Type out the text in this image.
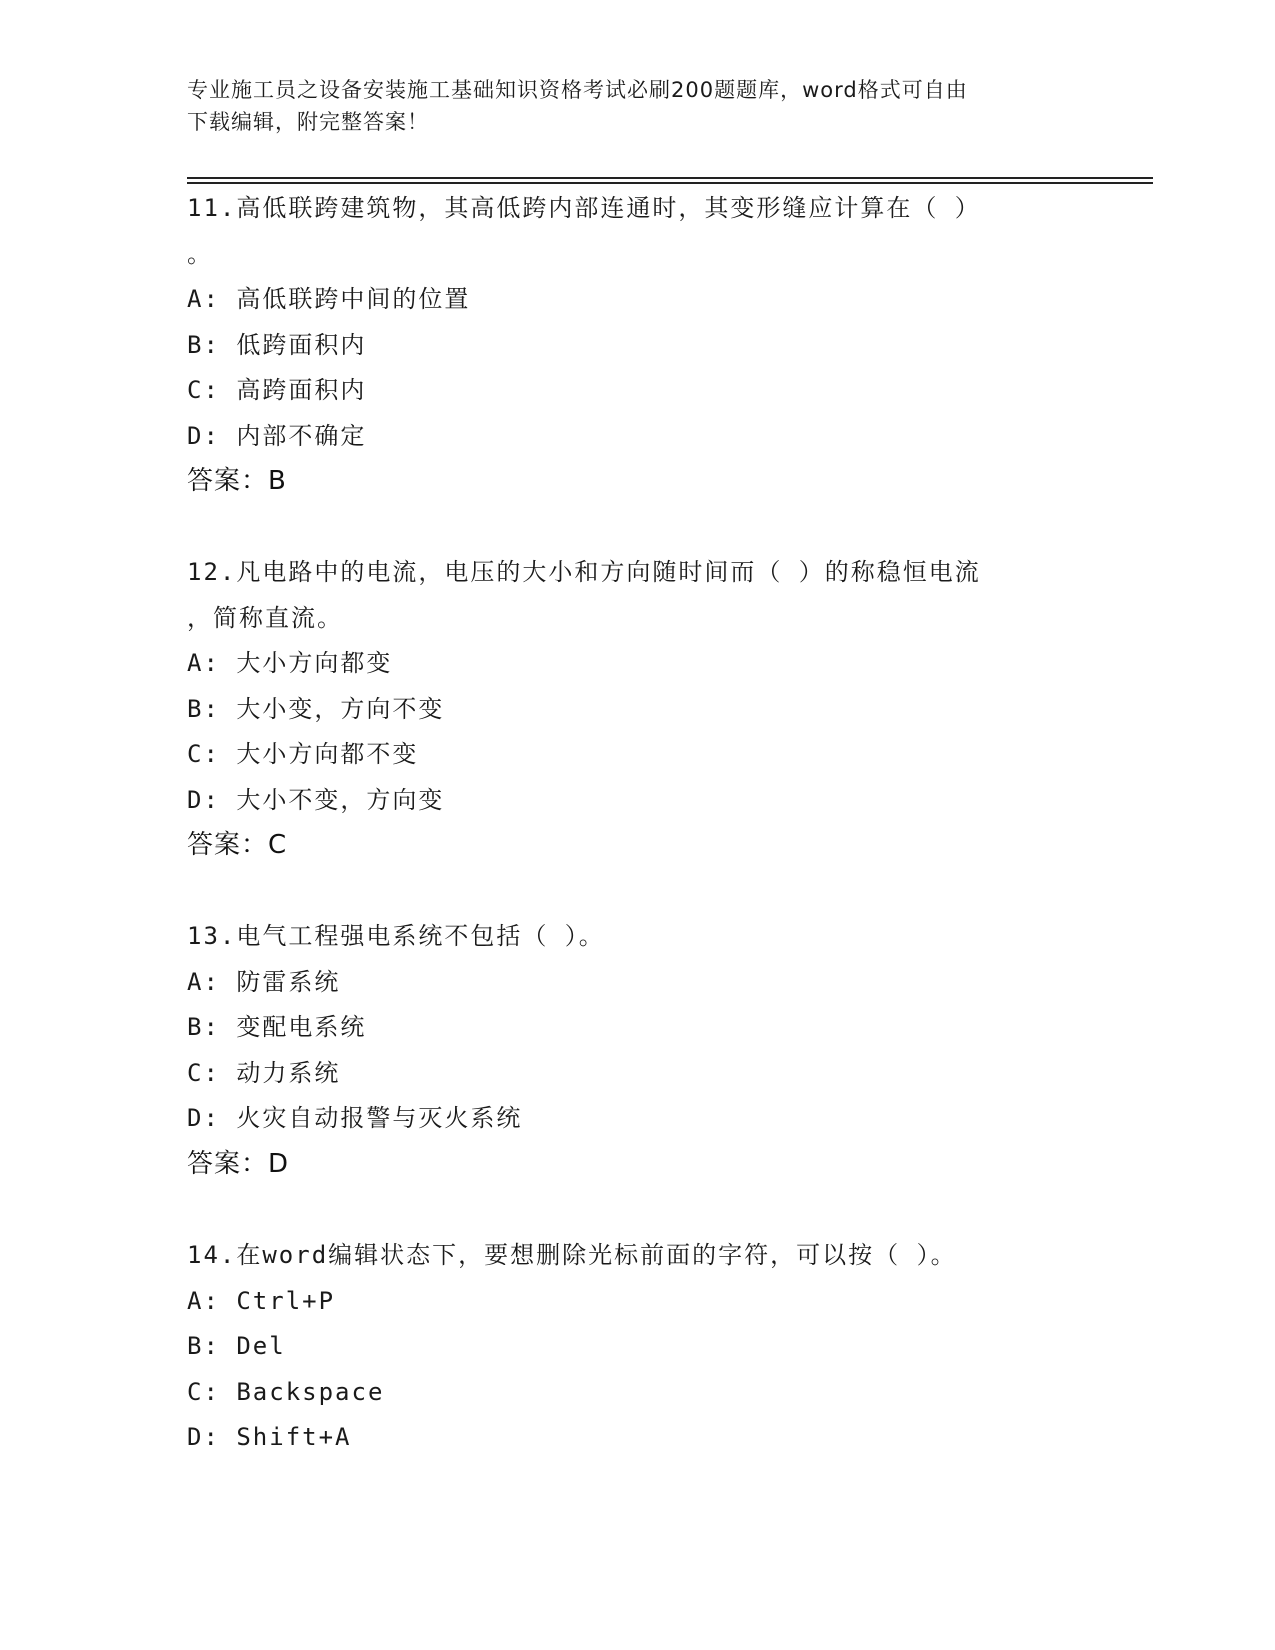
专业施工员之设备安装施工基础知识资格考试必刷200题题库，word格式可自由
下载编辑，附完整答案！
11.高低联跨建筑物，其高低跨内部连通时，其变形缝应计算在（ ）
。
A: 高低联跨中间的位置
B: 低跨面积内
C: 高跨面积内
D: 内部不确定
答案：B
12.凡电路中的电流，电压的大小和方向随时间而（ ）的称稳恒电流
，简称直流。
A: 大小方向都变
B: 大小变，方向不变
C: 大小方向都不变
D: 大小不变，方向变
答案：C
13.电气工程强电系统不包括（ ）。
A: 防雷系统
B: 变配电系统
C: 动力系统
D: 火灾自动报警与灭火系统
答案：D
14.在word编辑状态下，要想删除光标前面的字符，可以按（ ）。
A: Ctrl+P
B: Del
C: Backspace
D: Shift+A
